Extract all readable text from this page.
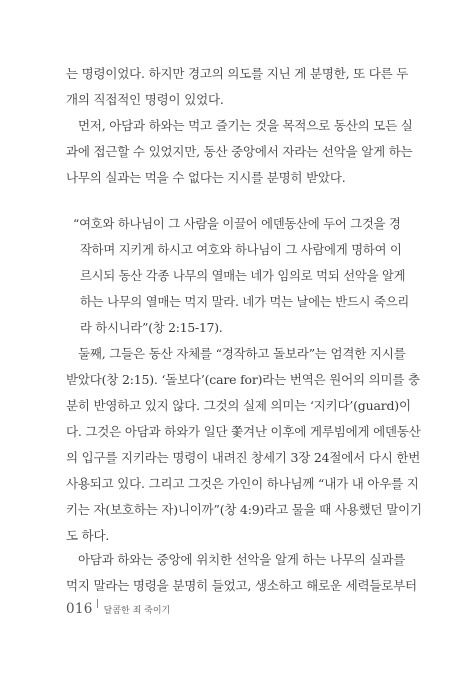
는 명령이었다. 하지만 경고의 의도를 지닌 게 분명한, 또 다른 두
개의 직접적인 명령이 있었다.
먼저, 아담과 하와는 먹고 즐기는 것을 목적으로 동산의 모든 실
과에 접근할 수 있었지만, 동산 중앙에서 자라는 선악을 알게 하는
나무의 실과는 먹을 수 없다는 지시를 분명히 받았다.
“여호와 하나님이 그 사람을 이끌어 에덴동산에 두어 그것을 경
작하며 지키게 하시고 여호와 하나님이 그 사람에게 명하여 이
르시되 동산 각종 나무의 열매는 네가 임의로 먹되 선악을 알게
하는 나무의 열매는 먹지 말라. 네가 먹는 날에는 반드시 죽으리
라 하시니라”(창 2:15-17).
둘째, 그들은 동산 자체를 “경작하고 돌보라”는 엄격한 지시를
받았다(창 2:15). ‘돌보다’(care for)라는 번역은 원어의 의미를 충
분히 반영하고 있지 않다. 그것의 실제 의미는 ‘지키다’(guard)이
다. 그것은 아담과 하와가 일단 쫓겨난 이후에 게루빔에게 에덴동산
의 입구를 지키라는 명령이 내려진 창세기 3장 24절에서 다시 한번
사용되고 있다. 그리고 그것은 가인이 하나님께 “내가 내 아우를 지
키는 자(보호하는 자)니이까”(창 4:9)라고 물을 때 사용했던 말이기
도 하다.
아담과 하와는 중앙에 위치한 선악을 알게 하는 나무의 실과를
먹지 말라는 명령을 분명히 들었고, 생소하고 해로운 세력들로부터
016 달콤한 죄 죽이기
